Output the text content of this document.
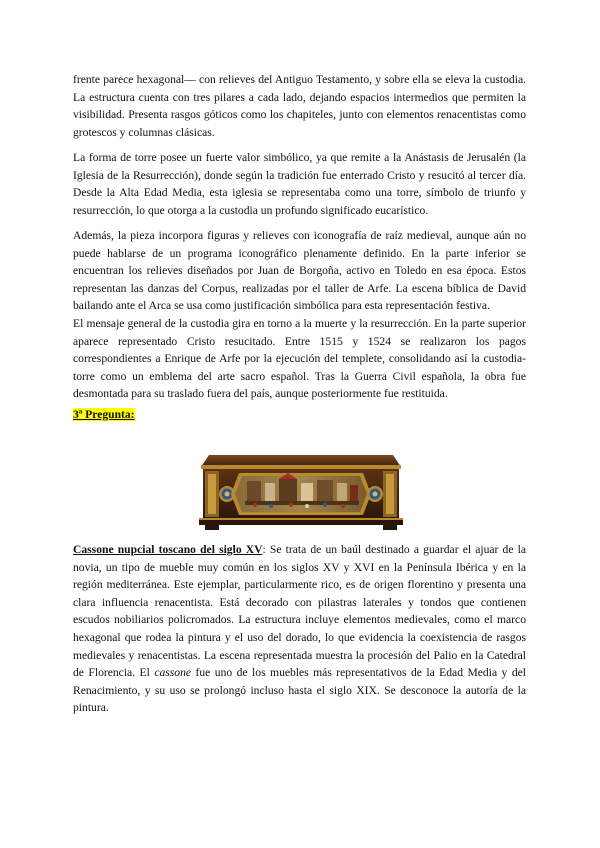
frente parece hexagonal— con relieves del Antiguo Testamento, y sobre ella se eleva la custodia. La estructura cuenta con tres pilares a cada lado, dejando espacios intermedios que permiten la visibilidad. Presenta rasgos góticos como los chapiteles, junto con elementos renacentistas como grotescos y columnas clásicas.

La forma de torre posee un fuerte valor simbólico, ya que remite a la Anástasis de Jerusalén (la Iglesia de la Resurrección), donde según la tradición fue enterrado Cristo y resucitó al tercer día. Desde la Alta Edad Media, esta iglesia se representaba como una torre, símbolo de triunfo y resurrección, lo que otorga a la custodia un profundo significado eucarístico.

Además, la pieza incorpora figuras y relieves con iconografía de raíz medieval, aunque aún no puede hablarse de un programa iconográfico plenamente definido. En la parte inferior se encuentran los relieves diseñados por Juan de Borgoña, activo en Toledo en esa época. Estos representan las danzas del Corpus, realizadas por el taller de Arfe. La escena bíblica de David bailando ante el Arca se usa como justificación simbólica para esta representación festiva.

El mensaje general de la custodia gira en torno a la muerte y la resurrección. En la parte superior aparece representado Cristo resucitado. Entre 1515 y 1524 se realizaron los pagos correspondientes a Enrique de Arfe por la ejecución del templete, consolidando así la custodia-torre como un emblema del arte sacro español. Tras la Guerra Civil española, la obra fue desmontada para su traslado fuera del país, aunque posteriormente fue restituida.

3ª Pregunta:

Cassone nupcial toscano del siglo XV: Se trata de un baúl destinado a guardar el ajuar de la novia, un tipo de mueble muy común en los siglos XV y XVI en la Península Ibérica y en la región mediterránea. Este ejemplar, particularmente rico, es de origen florentino y presenta una clara influencia renacentista. Está decorado con pilastras laterales y tondos que contienen escudos nobiliarios policromados. La estructura incluye elementos medievales, como el marco hexagonal que rodea la pintura y el uso del dorado, lo que evidencia la coexistencia de rasgos medievales y renacentistas. La escena representada muestra la procesión del Palio en la Catedral de Florencia. El cassone fue uno de los muebles más representativos de la Edad Media y del Renacimiento, y su uso se prolongó incluso hasta el siglo XIX. Se desconoce la autoría de la pintura.
